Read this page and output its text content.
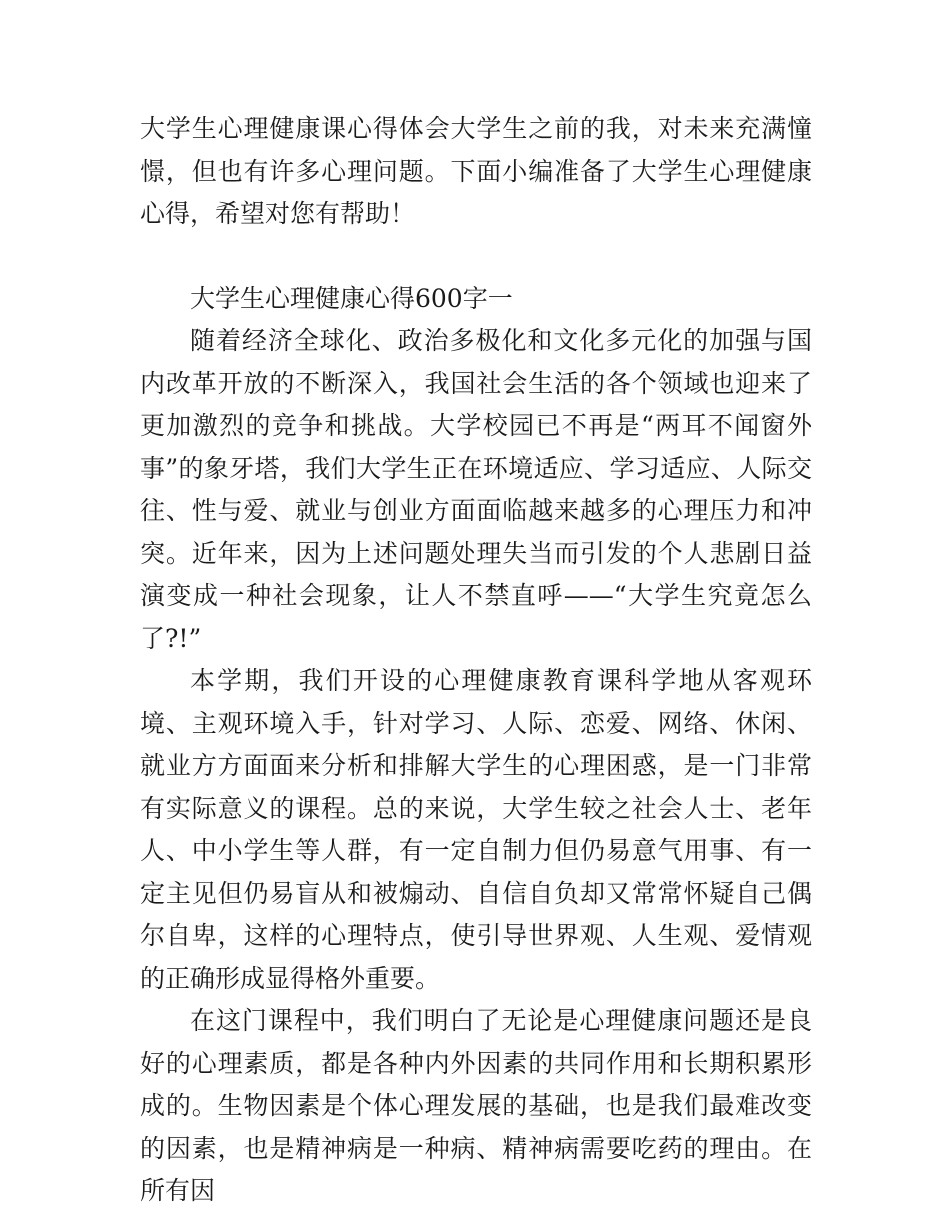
大学生心理健康课心得体会大学生之前的我，对未来充满憧憬，但也有许多心理问题。下面小编准备了大学生心理健康心得，希望对您有帮助！

大学生心理健康心得600字一

随着经济全球化、政治多极化和文化多元化的加强与国内改革开放的不断深入，我国社会生活的各个领域也迎来了更加激烈的竞争和挑战。大学校园已不再是“两耳不闻窗外事”的象牙塔，我们大学生正在环境适应、学习适应、人际交往、性与爱、就业与创业方面面临越来越多的心理压力和冲突。近年来，因为上述问题处理失当而引发的个人悲剧日益演变成一种社会现象，让人不禁直呼——“大学生究竟怎么了?!”

本学期，我们开设的心理健康教育课科学地从客观环境、主观环境入手，针对学习、人际、恋爱、网络、休闲、就业方方面面来分析和排解大学生的心理困惑，是一门非常有实际意义的课程。总的来说，大学生较之社会人士、老年人、中小学生等人群，有一定自制力但仍易意气用事、有一定主见但仍易盲从和被煽动、自信自负却又常常怀疑自己偶尔自卑，这样的心理特点，使引导世界观、人生观、爱情观的正确形成显得格外重要。

在这门课程中，我们明白了无论是心理健康问题还是良好的心理素质，都是各种内外因素的共同作用和长期积累形成的。生物因素是个体心理发展的基础，也是我们最难改变的因素，也是精神病是一种病、精神病需要吃药的理由。在所有因
